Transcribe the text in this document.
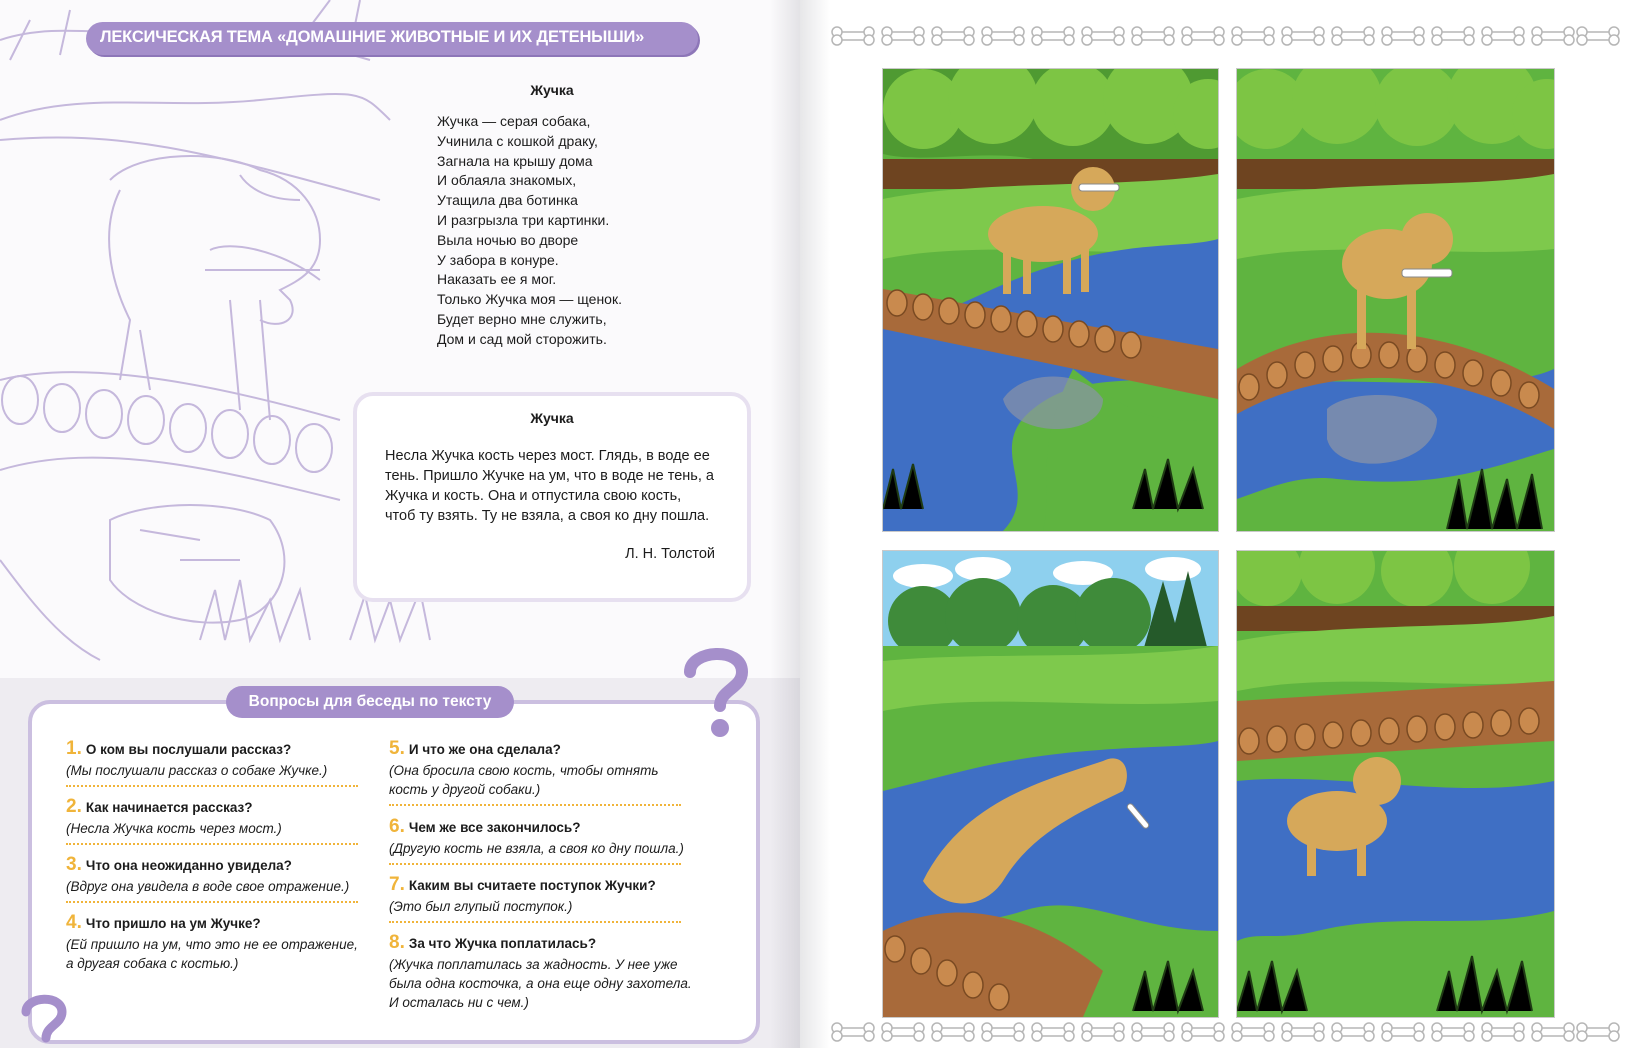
ЛЕКСИЧЕСКАЯ ТЕМА «ДОМАШНИЕ ЖИВОТНЫЕ И ИХ ДЕТЕНЫШИ»
Жучка
Жучка — серая собака,
Учинила с кошкой драку,
Загнала на крышу дома
И облаяла знакомых,
Утащила два ботинка
И разгрызла три картинки.
Выла ночью во дворе
У забора в конуре.
Наказать ее я мог.
Только Жучка моя — щенок.
Будет верно мне служить,
Дом и сад мой сторожить.
Жучка
Несла Жучка кость через мост. Глядь, в воде ее тень. Пришло Жучке на ум, что в воде не тень, а Жучка и кость. Она и отпустила свою кость, чтоб ту взять. Ту не взяла, а своя ко дну пошла.
Л. Н. Толстой
Вопросы для беседы по тексту
1. О ком вы послушали рассказ?
(Мы послушали рассказ о собаке Жучке.)
2. Как начинается рассказ?
(Несла Жучка кость через мост.)
3. Что она неожиданно увидела?
(Вдруг она увидела в воде свое отражение.)
4. Что пришло на ум Жучке?
(Ей пришло на ум, что это не ее отражение, а другая собака с костью.)
5. И что же она сделала?
(Она бросила свою кость, чтобы отнять кость у другой собаки.)
6. Чем же все закончилось?
(Другую кость не взяла, а своя ко дну пошла.)
7. Каким вы считаете поступок Жучки?
(Это был глупый поступок.)
8. За что Жучка поплатилась?
(Жучка поплатилась за жадность. У нее уже была одна косточка, а она еще одну захотела. И осталась ни с чем.)
